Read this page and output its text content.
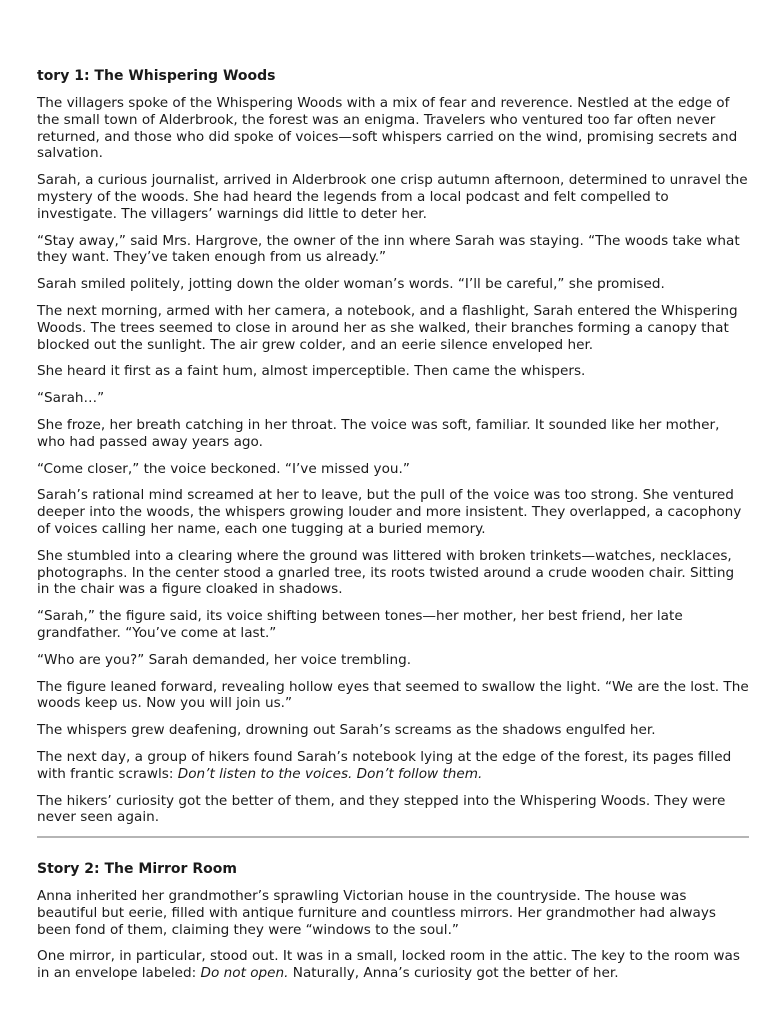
tory 1: The Whispering Woods

The villagers spoke of the Whispering Woods with a mix of fear and reverence. Nestled at the edge of the small town of Alderbrook, the forest was an enigma. Travelers who ventured too far often never returned, and those who did spoke of voices—soft whispers carried on the wind, promising secrets and salvation.

Sarah, a curious journalist, arrived in Alderbrook one crisp autumn afternoon, determined to unravel the mystery of the woods. She had heard the legends from a local podcast and felt compelled to investigate. The villagers’ warnings did little to deter her.

“Stay away,” said Mrs. Hargrove, the owner of the inn where Sarah was staying. “The woods take what they want. They’ve taken enough from us already.”

Sarah smiled politely, jotting down the older woman’s words. “I’ll be careful,” she promised.

The next morning, armed with her camera, a notebook, and a flashlight, Sarah entered the Whispering Woods. The trees seemed to close in around her as she walked, their branches forming a canopy that blocked out the sunlight. The air grew colder, and an eerie silence enveloped her.

She heard it first as a faint hum, almost imperceptible. Then came the whispers.

“Sarah…”

She froze, her breath catching in her throat. The voice was soft, familiar. It sounded like her mother, who had passed away years ago.

“Come closer,” the voice beckoned. “I’ve missed you.”

Sarah’s rational mind screamed at her to leave, but the pull of the voice was too strong. She ventured deeper into the woods, the whispers growing louder and more insistent. They overlapped, a cacophony of voices calling her name, each one tugging at a buried memory.

She stumbled into a clearing where the ground was littered with broken trinkets—watches, necklaces, photographs. In the center stood a gnarled tree, its roots twisted around a crude wooden chair. Sitting in the chair was a figure cloaked in shadows.

“Sarah,” the figure said, its voice shifting between tones—her mother, her best friend, her late grandfather. “You’ve come at last.”

“Who are you?” Sarah demanded, her voice trembling.

The figure leaned forward, revealing hollow eyes that seemed to swallow the light. “We are the lost. The woods keep us. Now you will join us.”

The whispers grew deafening, drowning out Sarah’s screams as the shadows engulfed her.

The next day, a group of hikers found Sarah’s notebook lying at the edge of the forest, its pages filled with frantic scrawls: Don’t listen to the voices. Don’t follow them.

The hikers’ curiosity got the better of them, and they stepped into the Whispering Woods. They were never seen again.

Story 2: The Mirror Room

Anna inherited her grandmother’s sprawling Victorian house in the countryside. The house was beautiful but eerie, filled with antique furniture and countless mirrors. Her grandmother had always been fond of them, claiming they were “windows to the soul.”

One mirror, in particular, stood out. It was in a small, locked room in the attic. The key to the room was in an envelope labeled: Do not open. Naturally, Anna’s curiosity got the better of her.
